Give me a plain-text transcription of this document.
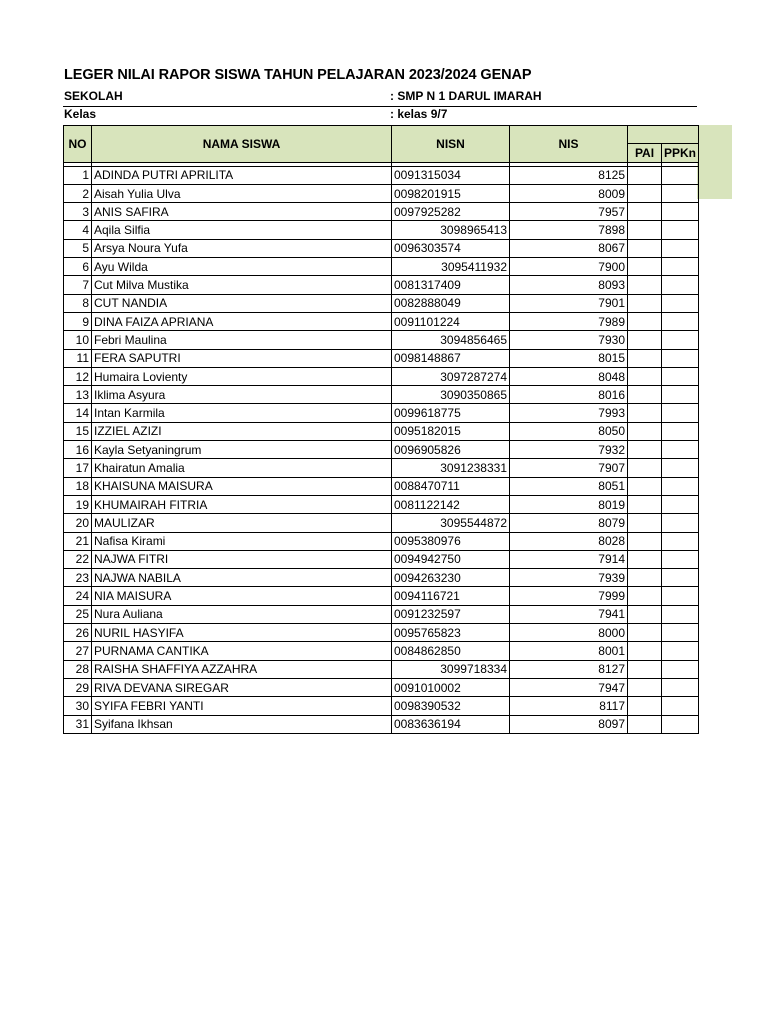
LEGER NILAI RAPOR SISWA TAHUN PELAJARAN 2023/2024 GENAP
SEKOLAH	: SMP N 1 DARUL IMARAH
Kelas	: kelas 9/7
NO	NAMA SISWA	NISN	NIS		
				PAI	PPKn

1	ADINDA PUTRI APRILITA	0091315034	8125		
2	Aisah Yulia Ulva	0098201915	8009		
3	ANIS SAFIRA	0097925282	7957		
4	Aqila Silfia	3098965413	7898		
5	Arsya Noura Yufa	0096303574	8067		
6	Ayu Wilda	3095411932	7900		
7	Cut Milva Mustika	0081317409	8093		
8	CUT NANDIA	0082888049	7901		
9	DINA FAIZA APRIANA	0091101224	7989		
10	Febri Maulina	3094856465	7930		
11	FERA SAPUTRI	0098148867	8015		
12	Humaira Lovienty	3097287274	8048		
13	Iklima Asyura	3090350865	8016		
14	Intan Karmila	0099618775	7993		
15	IZZIEL AZIZI	0095182015	8050		
16	Kayla Setyaningrum	0096905826	7932		
17	Khairatun Amalia	3091238331	7907		
18	KHAISUNA MAISURA	0088470711	8051		
19	KHUMAIRAH FITRIA	0081122142	8019		
20	MAULIZAR	3095544872	8079		
21	Nafisa Kirami	0095380976	8028		
22	NAJWA FITRI	0094942750	7914		
23	NAJWA NABILA	0094263230	7939		
24	NIA MAISURA	0094116721	7999		
25	Nura Auliana	0091232597	7941		
26	NURIL HASYIFA	0095765823	8000		
27	PURNAMA CANTIKA	0084862850	8001		
28	RAISHA SHAFFIYA AZZAHRA	3099718334	8127		
29	RIVA DEVANA SIREGAR	0091010002	7947		
30	SYIFA FEBRI YANTI	0098390532	8117		
31	Syifana Ikhsan	0083636194	8097		
